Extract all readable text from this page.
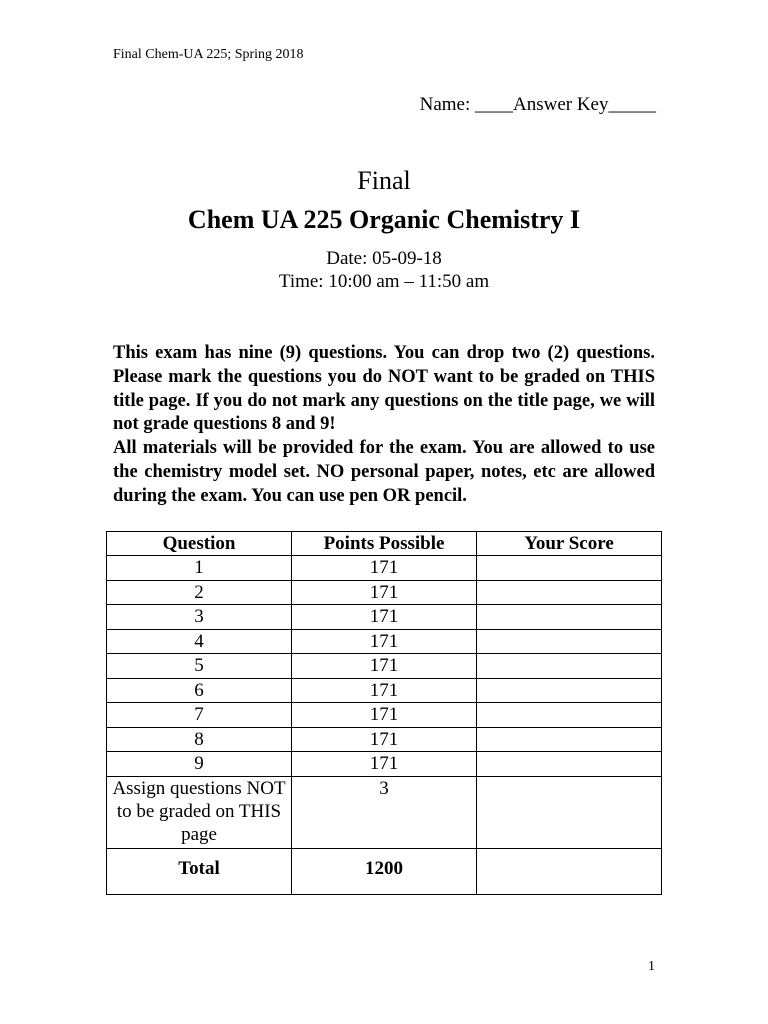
Final Chem-UA 225; Spring 2018
Name: ____Answer Key_____
Final
Chem UA 225 Organic Chemistry I
Date: 05-09-18
Time: 10:00 am – 11:50 am

This exam has nine (9) questions. You can drop two (2) questions. Please mark the questions you do NOT want to be graded on THIS title page. If you do not mark any questions on the title page, we will not grade questions 8 and 9!

All materials will be provided for the exam. You are allowed to use the chemistry model set. NO personal paper, notes, etc are allowed during the exam. You can use pen OR pencil.

Question	Points Possible	Your Score
1	171	
2	171	
3	171	
4	171	
5	171	
6	171	
7	171	
8	171	
9	171	
Assign questions NOT to be graded on THIS page	3	
Total	1200	
1
